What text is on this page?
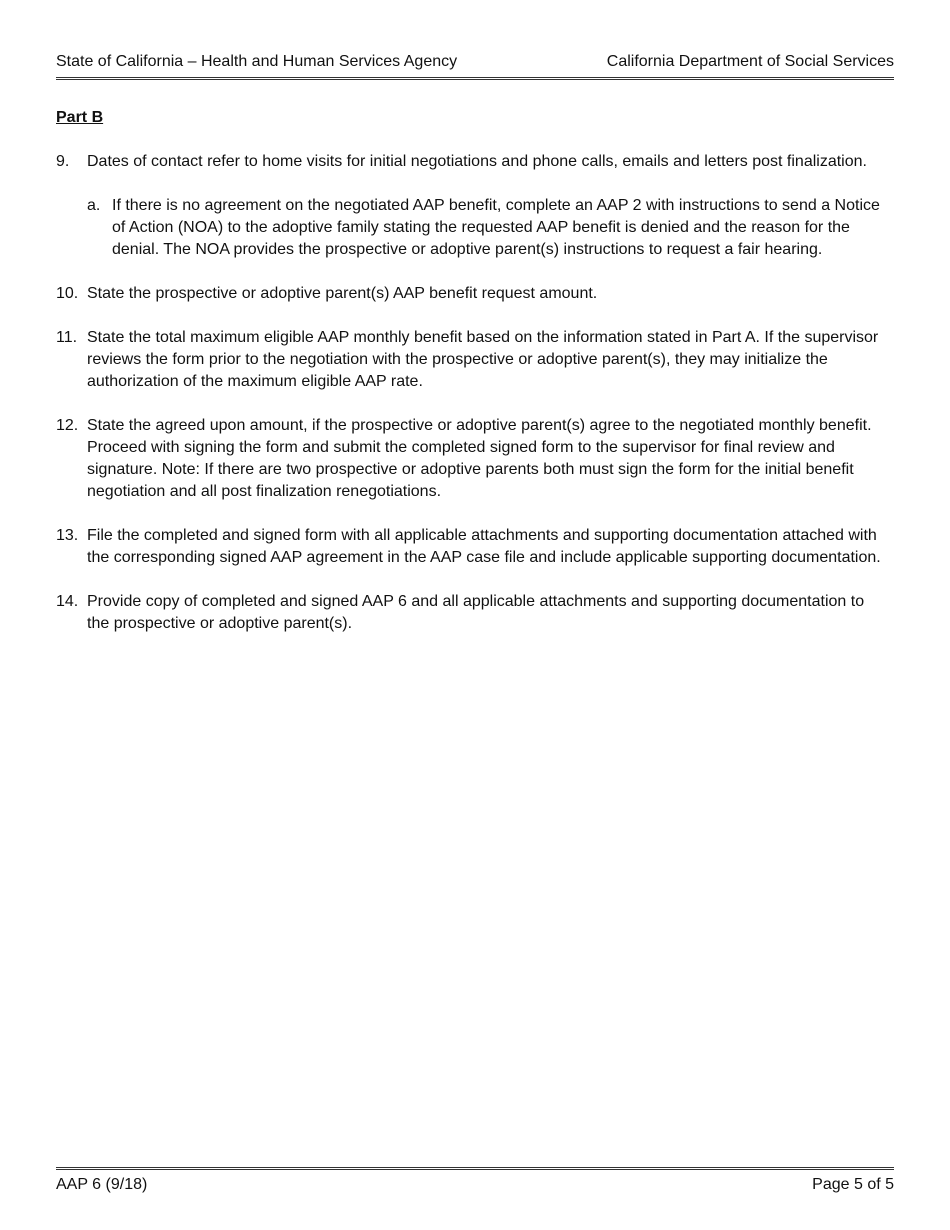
State of California – Health and Human Services Agency	California Department of Social Services
Part B
9.	Dates of contact refer to home visits for initial negotiations and phone calls, emails and letters post finalization.
a. If there is no agreement on the negotiated AAP benefit, complete an AAP 2 with instructions to send a Notice of Action (NOA) to the adoptive family stating the requested AAP benefit is denied and the reason for the denial. The NOA provides the prospective or adoptive parent(s) instructions to request a fair hearing.
10. State the prospective or adoptive parent(s) AAP benefit request amount.
11. State the total maximum eligible AAP monthly benefit based on the information stated in Part A. If the supervisor reviews the form prior to the negotiation with the prospective or adoptive parent(s), they may initialize the authorization of the maximum eligible AAP rate.
12. State the agreed upon amount, if the prospective or adoptive parent(s) agree to the negotiated monthly benefit. Proceed with signing the form and submit the completed signed form to the supervisor for final review and signature. Note: If there are two prospective or adoptive parents both must sign the form for the initial benefit negotiation and all post finalization renegotiations.
13. File the completed and signed form with all applicable attachments and supporting documentation attached with the corresponding signed AAP agreement in the AAP case file and include applicable supporting documentation.
14. Provide copy of completed and signed AAP 6 and all applicable attachments and supporting documentation to the prospective or adoptive parent(s).
AAP 6 (9/18)	Page 5 of 5
